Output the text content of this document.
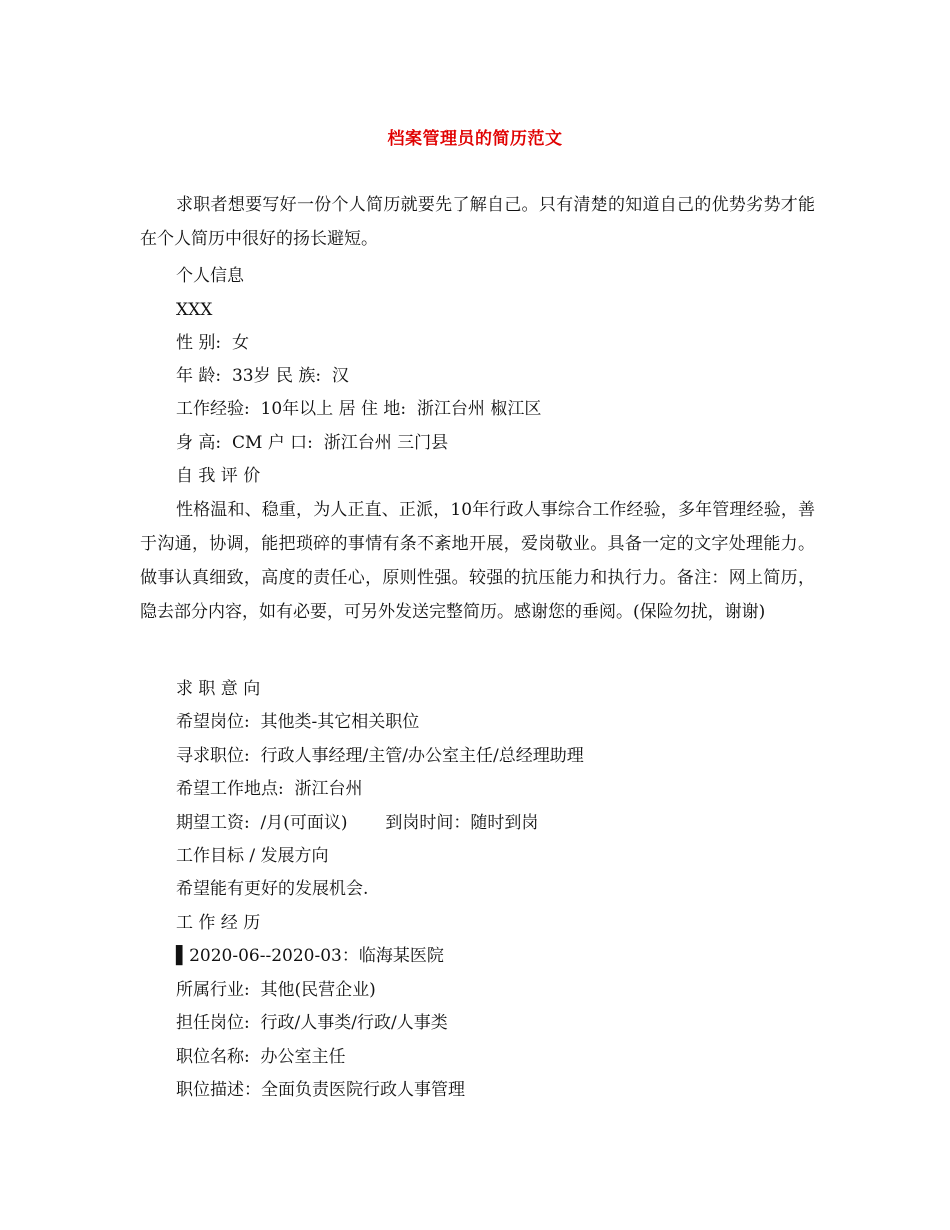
档案管理员的简历范文

求职者想要写好一份个人简历就要先了解自己。只有清楚的知道自己的优势劣势才能在个人简历中很好的扬长避短。

个人信息

XXX

性 别:  女

年 龄:  33岁 民 族:  汉

工作经验:  10年以上 居 住 地:  浙江台州 椒江区

身 高:  CM 户 口:  浙江台州 三门县

自 我 评 价

性格温和、稳重，为人正直、正派，10年行政人事综合工作经验，多年管理经验，善于沟通，协调，能把琐碎的事情有条不紊地开展，爱岗敬业。具备一定的文字处理能力。做事认真细致，高度的责任心，原则性强。较强的抗压能力和执行力。备注：网上简历，隐去部分内容，如有必要，可另外发送完整简历。感谢您的垂阅。(保险勿扰，谢谢)

求 职 意 向

希望岗位:  其他类-其它相关职位

寻求职位:  行政人事经理/主管/办公室主任/总经理助理

希望工作地点:  浙江台州

期望工资:  /月(可面议)       到岗时间：随时到岗

工作目标 / 发展方向

希望能有更好的发展机会.

工 作 经 历

▌2020-06--2020-03：临海某医院

所属行业:  其他(民营企业)

担任岗位:  行政/人事类/行政/人事类

职位名称:  办公室主任

职位描述：全面负责医院行政人事管理
